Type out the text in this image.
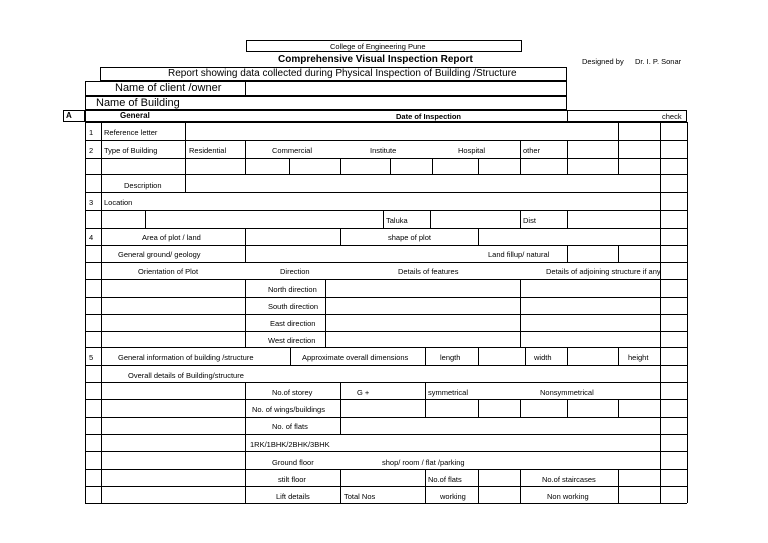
College of Engineering Pune
Comprehensive Visual Inspection Report	Designed by Dr. I. P. Sonar
Report showing data collected during Physical Inspection of Building /Structure
Name of client /owner
Name of Building
A	General	Date of Inspection	check
1 Reference letter
2 Type of Building	Residential	Commercial	Institute	Hospital	other
Description
3 Location
Taluka	Dist
4	Area of plot / land	shape of plot
General ground/ geology	Land fillup/ natural
Orientation of Plot	Direction	Details of features	Details of adjoining structure if any
North direction
South direction
East direction
West direction
5	General information of building /structure	Approximate overall dimensions	length	width	height
Overall details of Building/structure
No.of storey	G +	symmetrical	Nonsymmetrical
No. of wings/buildings
No. of flats
1RK/1BHK/2BHK/3BHK
Ground floor	shop/ room / flat /parking
stilt floor	No.of flats	No.of staircases
Lift details	Total Nos	working	Non working
